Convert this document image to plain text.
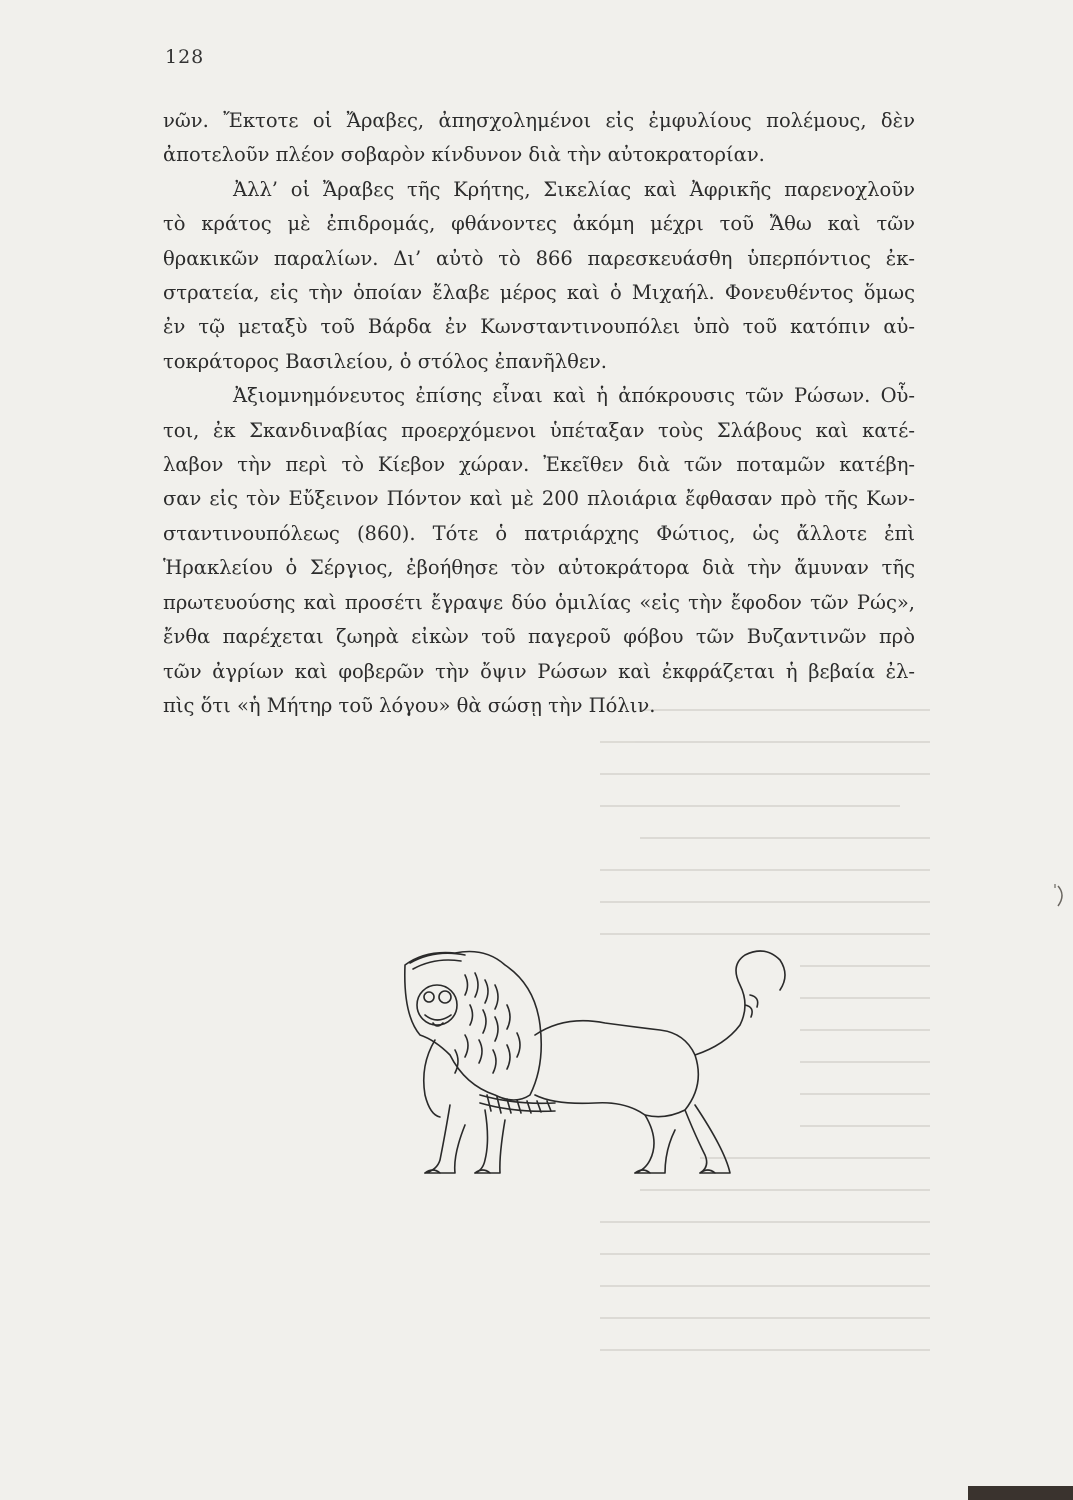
128

νῶν. Ἔκτοτε οἱ Ἄραβες, ἀπησχολημένοι εἰς ἐμφυλίους πολέμους, δὲν
ἀποτελοῦν πλέον σοβαρὸν κίνδυνον διὰ τὴν αὐτοκρατορίαν.

Ἀλλ’ οἱ Ἄραβες τῆς Κρήτης, Σικελίας καὶ Ἀφρικῆς παρενοχλοῦν
τὸ κράτος μὲ ἐπιδρομάς, φθάνοντες ἀκόμη μέχρι τοῦ Ἄθω καὶ τῶν
θρακικῶν παραλίων. Δι’ αὐτὸ τὸ 866 παρεσκευάσθη ὑπερπόντιος ἐκ-
στρατεία, εἰς τὴν ὁποίαν ἔλαβε μέρος καὶ ὁ Μιχαήλ. Φονευθέντος ὅμως
ἐν τῷ μεταξὺ τοῦ Βάρδα ἐν Κωνσταντινουπόλει ὑπὸ τοῦ κατόπιν αὐ-
τοκράτορος Βασιλείου, ὁ στόλος ἐπανῆλθεν.

Ἀξιομνημόνευτος ἐπίσης εἶναι καὶ ἡ ἀπόκρουσις τῶν Ρώσων. Οὗ-
τοι, ἐκ Σκανδιναβίας προερχόμενοι ὑπέταξαν τοὺς Σλάβους καὶ κατέ-
λαβον τὴν περὶ τὸ Κίεβον χώραν. Ἐκεῖθεν διὰ τῶν ποταμῶν κατέβη-
σαν εἰς τὸν Εὔξεινον Πόντον καὶ μὲ 200 πλοιάρια ἔφθασαν πρὸ τῆς Κων-
σταντινουπόλεως (860). Τότε ὁ πατριάρχης Φώτιος, ὡς ἄλλοτε ἐπὶ
Ἡρακλείου ὁ Σέργιος, ἐβοήθησε τὸν αὐτοκράτορα διὰ τὴν ἄμυναν τῆς
πρωτευούσης καὶ προσέτι ἔγραψε δύο ὁμιλίας «εἰς τὴν ἔφοδον τῶν Ρώς»,
ἔνθα παρέχεται ζωηρὰ εἰκὼν τοῦ παγεροῦ φόβου τῶν Βυζαντινῶν πρὸ
τῶν ἀγρίων καὶ φοβερῶν τὴν ὄψιν Ρώσων καὶ ἐκφράζεται ἡ βεβαία ἐλ-
πὶς ὅτι «ἡ Μήτηρ τοῦ λόγου» θὰ σώσῃ τὴν Πόλιν.
